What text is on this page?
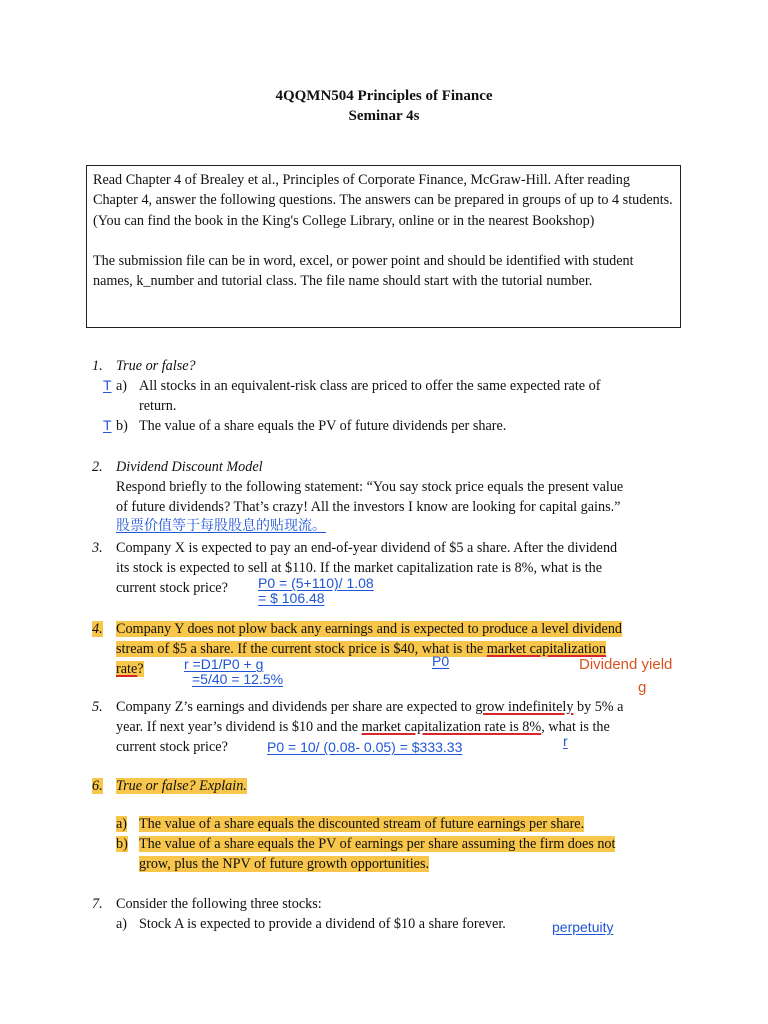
4QQMN504 Principles of Finance
Seminar 4s

Read Chapter 4 of Brealey et al., Principles of Corporate Finance, McGraw-Hill. After reading Chapter 4, answer the following questions. The answers can be prepared in groups of up to 4 students. (You can find the book in the King's College Library, online or in the nearest Bookshop)

The submission file can be in word, excel, or power point and should be identified with student names, k_number and tutorial class. The file name should start with the tutorial number.

1. True or false?
T a) All stocks in an equivalent-risk class are priced to offer the same expected rate of
return.
T b) The value of a share equals the PV of future dividends per share.
2. Dividend Discount Model
Respond briefly to the following statement: “You say stock price equals the present value
of future dividends? That’s crazy! All the investors I know are looking for capital gains.”
股票价值等于每股股息的贴现流。
3. Company X is expected to pay an end-of-year dividend of $5 a share. After the dividend
its stock is expected to sell at $110. If the market capitalization rate is 8%, what is the
current stock price? P0 = (5+110)/ 1.08
= $ 106.48
4. Company Y does not plow back any earnings and is expected to produce a level dividend
stream of $5 a share. If the current stock price is $40, what is the market capitalization
rate?	P0	Dividend yield
r =D1/P0 + g
=5/40 = 12.5%	g
5. Company Z’s earnings and dividends per share are expected to grow indefinitely by 5% a
year. If next year’s dividend is $10 and the market capitalization rate is 8%, what is the
current stock price?	P0 = 10/ (0.08- 0.05) = $333.33	r
6. True or false? Explain.
a) The value of a share equals the discounted stream of future earnings per share.
b) The value of a share equals the PV of earnings per share assuming the firm does not
grow, plus the NPV of future growth opportunities.
7. Consider the following three stocks:
a) Stock A is expected to provide a dividend of $10 a share forever.	perpetuity
